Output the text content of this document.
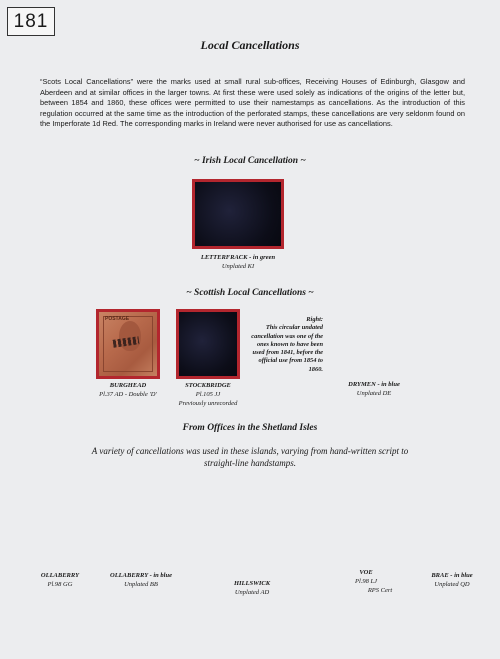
181
Local Cancellations
“Scots Local Cancellations” were the marks used at small rural sub-offices, Receiving Houses of Edinburgh, Glasgow and Aberdeen and at similar offices in the larger towns. At first these were used solely as indications of the origins of the letter but, between 1854 and 1860, these offices were permitted to use their namestamps as cancellations. As the introduction of this regulation occurred at the same time as the introduction of the perforated stamps, these cancellations are very seldonm found on the Imperforate 1d Red. The corresponding marks in Ireland were never authorised for use as cancellations.
~ Irish Local Cancellation ~
LETTERFRACK - in green
Unplated KI
~ Scottish Local Cancellations ~
POSTAGE
BURGHEAD
Pl.37 AD - Double 'D'
STOCKBRIDGE
Pl.105 JJ
Previously unrecorded
Right:
This circular undated cancellation was one of the ones known to have been used from 1841, before the official use from 1854 to 1860.
DRYMEN - in blue
Unplated DE
From Offices in the Shetland Isles
A variety of cancellations was used in these islands, varying from hand-written script to straight-line handstamps.
OLLABERRY
Pl.98 GG
OLLABERRY - in blue
Unplated BB	HILLSWICK
Unplated AD
VOE
Pl.98 LJ
RPS Cert
BRAE - in blue
Unplated QD
